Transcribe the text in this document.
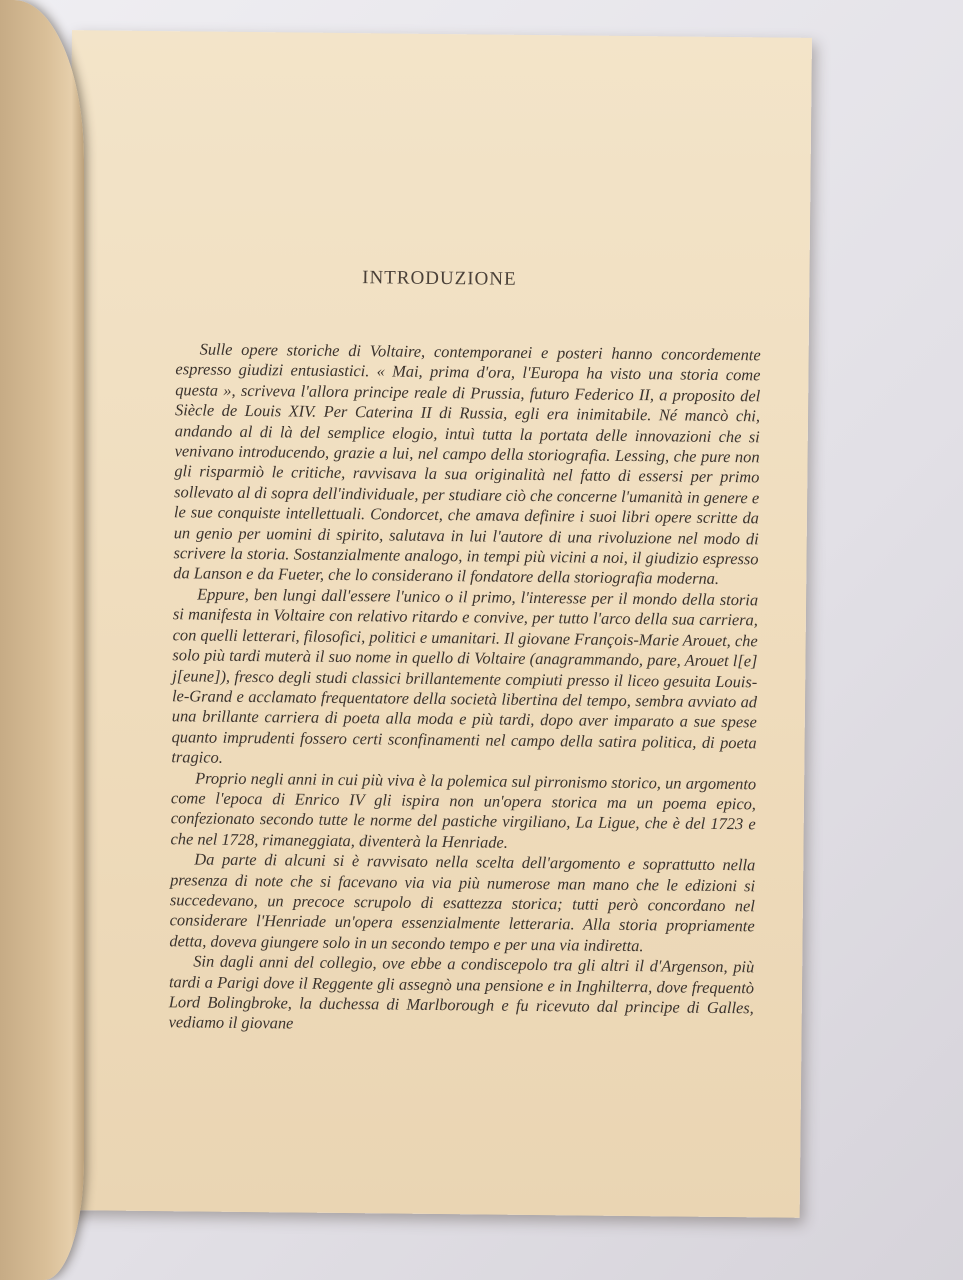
INTRODUZIONE

Sulle opere storiche di Voltaire, contemporanei e posteri hanno concordemente espresso giudizi entusiastici. « Mai, prima d'ora, l'Europa ha visto una storia come questa », scriveva l'allora principe reale di Prussia, futuro Federico II, a proposito del Siècle de Louis XIV. Per Caterina II di Russia, egli era inimitabile. Né mancò chi, andando al di là del semplice elogio, intuì tutta la portata delle innovazioni che si venivano introducendo, grazie a lui, nel campo della storiografia. Lessing, che pure non gli risparmiò le critiche, ravvisava la sua originalità nel fatto di essersi per primo sollevato al di sopra dell'individuale, per studiare ciò che concerne l'umanità in genere e le sue conquiste intellettuali. Condorcet, che amava definire i suoi libri opere scritte da un genio per uomini di spirito, salutava in lui l'autore di una rivoluzione nel modo di scrivere la storia. Sostanzialmente analogo, in tempi più vicini a noi, il giudizio espresso da Lanson e da Fueter, che lo considerano il fondatore della storiografia moderna.

Eppure, ben lungi dall'essere l'unico o il primo, l'interesse per il mondo della storia si manifesta in Voltaire con relativo ritardo e convive, per tutto l'arco della sua carriera, con quelli letterari, filosofici, politici e umanitari. Il giovane François-Marie Arouet, che solo più tardi muterà il suo nome in quello di Voltaire (anagrammando, pare, Arouet l[e] j[eune]), fresco degli studi classici brillantemente compiuti presso il liceo gesuita Louis-le-Grand e acclamato frequentatore della società libertina del tempo, sembra avviato ad una brillante carriera di poeta alla moda e più tardi, dopo aver imparato a sue spese quanto imprudenti fossero certi sconfinamenti nel campo della satira politica, di poeta tragico.

Proprio negli anni in cui più viva è la polemica sul pirronismo storico, un argomento come l'epoca di Enrico IV gli ispira non un'opera storica ma un poema epico, confezionato secondo tutte le norme del pastiche virgiliano, La Ligue, che è del 1723 e che nel 1728, rimaneggiata, diventerà la Henriade.

Da parte di alcuni si è ravvisato nella scelta dell'argomento e soprattutto nella presenza di note che si facevano via via più numerose man mano che le edizioni si succedevano, un precoce scrupolo di esattezza storica; tutti però concordano nel considerare l'Henriade un'opera essenzialmente letteraria. Alla storia propriamente detta, doveva giungere solo in un secondo tempo e per una via indiretta.

Sin dagli anni del collegio, ove ebbe a condiscepolo tra gli altri il d'Argenson, più tardi a Parigi dove il Reggente gli assegnò una pensione e in Inghilterra, dove frequentò Lord Bolingbroke, la duchessa di Marlborough e fu ricevuto dal principe di Galles, vediamo il giovane
